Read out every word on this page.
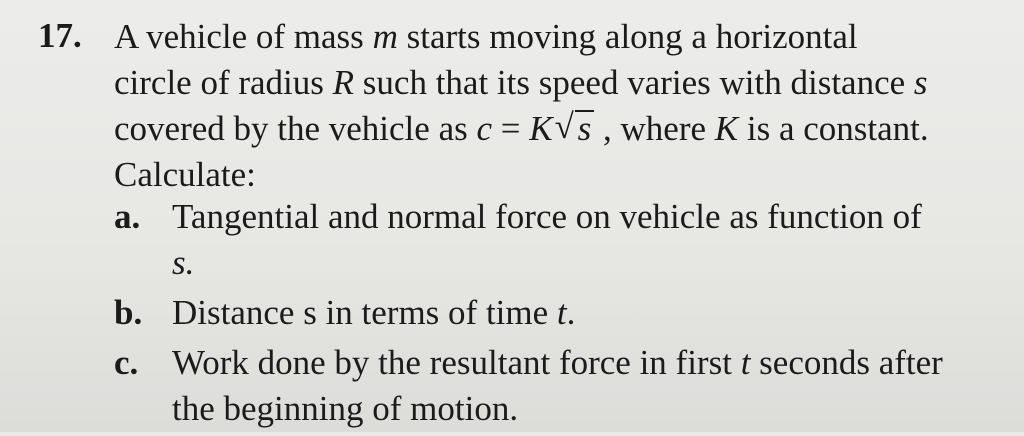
17. A vehicle of mass m starts moving along a horizontal
circle of radius R such that its speed varies with distance s
covered by the vehicle as c = K √ s , where K is a constant.
Calculate:
a. Tangential and normal force on vehicle as function of
s.
b. Distance s in terms of time t.
c. Work done by the resultant force in first t seconds after
the beginning of motion.
